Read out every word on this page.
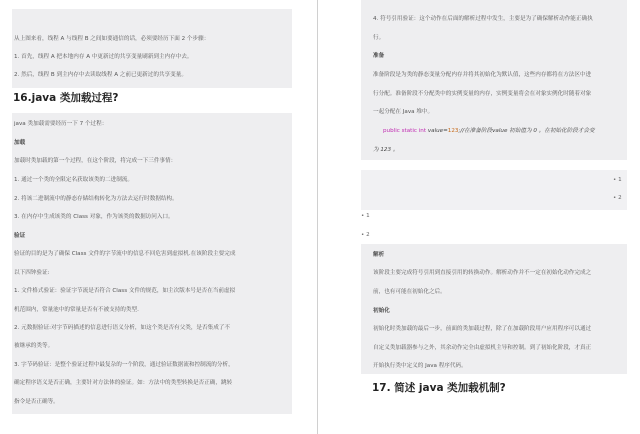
从上图来看，线程 A 与线程 B 之间如要通信的话，必须要经历下面 2 个步骤：
1. 首先，线程 A 把本地内存 A 中更新过的共享变量刷新到主内存中去。
2. 然后，线程 B 到主内存中去读取线程 A 之前已更新过的共享变量。
16.java 类加载过程?
java 类加载需要经历一下 7 个过程：
加载
加载时类加载的第一个过程，在这个阶段，将完成一下三件事情：
1. 通过一个类的全限定名获取该类的二进制流。
2. 将该二进制流中的静态存储结构转化为方法去运行时数据结构。
3. 在内存中生成该类的 Class 对象，作为该类的数据访问入口。
验证
验证的目的是为了确保 Class 文件的字节流中的信息不回危害到虚拟机.在该阶段主要完成
以下四钟验证:
1. 文件格式验证：验证字节流是否符合 Class 文件的规范，如主次版本号是否在当前虚拟
机范围内，常量池中的常量是否有不被支持的类型.
2. 元数据验证:对字节码描述的信息进行语义分析，如这个类是否有父类，是否集成了不
被继承的类等。
3. 字节码验证：是整个验证过程中最复杂的一个阶段，通过验证数据流和控制流的分析，
确定程序语义是否正确，主要针对方法体的验证。如：方法中的类型转换是否正确，跳转
指令是否正确等。
4. 符号引用验证：这个动作在后面的解析过程中发生，主要是为了确保解析动作能正确执
行。
准备
准备阶段是为类的静态变量分配内存并将其初始化为默认值，这些内存都将在方法区中进
行分配。准备阶段不分配类中的实例变量的内存，实例变量将会在对象实例化时随着对象
一起分配在 Java 堆中。
public static int value=123;//在准备阶段value 初始值为 0 。在初始化阶段才会变
为 123 。
• 1
• 2
• 1
• 2
解析
该阶段主要完成符号引用到直接引用的转换动作。解析动作并不一定在初始化动作完成之
前，也有可能在初始化之后。
初始化
初始化时类加载的最后一步，前面的类加载过程，除了在加载阶段用户应用程序可以通过
自定义类加载器参与之外，其余动作完全由虚拟机主导和控制。到了初始化阶段，才真正
开始执行类中定义的 Java 程序代码。
17. 简述 java 类加载机制?
